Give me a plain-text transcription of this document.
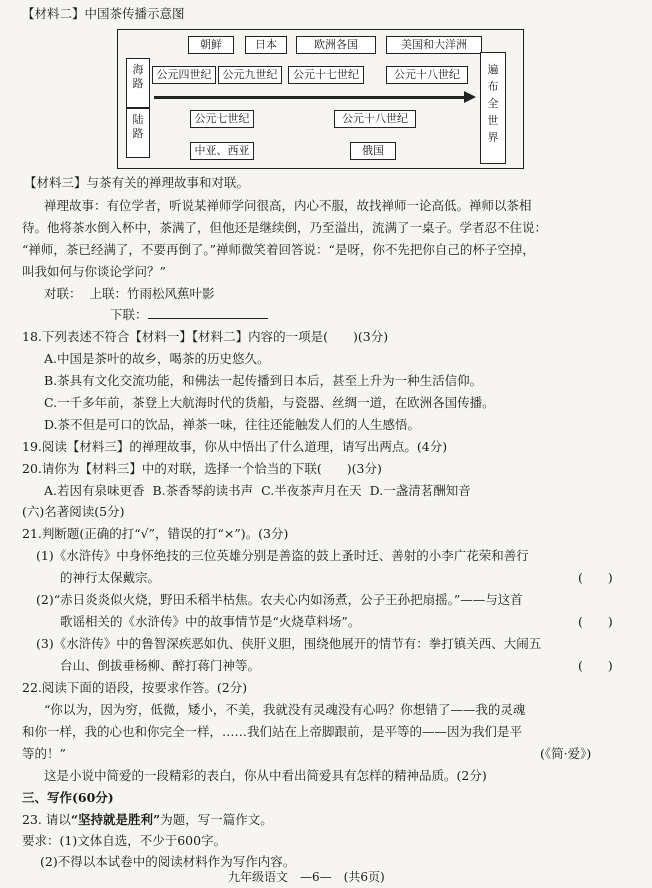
【材料二】中国茶传播示意图
朝鲜	日本	欧洲各国	美国和大洋洲
海
路
公元四世纪	公元九世纪	公元十七世纪	公元十八世纪
陆
路
公元七世纪	公元十八世纪
中亚、西亚	俄国
遍
布
全
世
界
【材料三】与茶有关的禅理故事和对联。
禅理故事：有位学者，听说某禅师学问很高，内心不服，故找禅师一论高低。禅师以茶相
待。他将茶水倒入杯中，茶满了，但他还是继续倒，乃至溢出，流满了一桌子。学者忍不住说：
“禅师，茶已经满了，不要再倒了。”禅师微笑着回答说：“是呀，你不先把你自己的杯子空掉，
叫我如何与你谈论学问？”
对联： 上联：竹雨松风蕉叶影
下联：
18.下列表述不符合【材料一】【材料二】内容的一项是(　　)(3分)
A.中国是茶叶的故乡，喝茶的历史悠久。
B.茶具有文化交流功能，和佛法一起传播到日本后，甚至上升为一种生活信仰。
C.一千多年前，茶登上大航海时代的货船，与瓷器、丝绸一道，在欧洲各国传播。
D.茶不但是可口的饮品，禅茶一味，往往还能触发人们的人生感悟。
19.阅读【材料三】的禅理故事，你从中悟出了什么道理，请写出两点。(4分)
20.请你为【材料三】中的对联，选择一个恰当的下联(　　)(3分)
A.若因有泉味更香 B.茶香琴韵读书声 C.半夜茶声月在天 D.一盏清茗酬知音
(六)名著阅读(5分)
21.判断题(正确的打“√”，错误的打“×”)。(3分)
(1)《水浒传》中身怀绝技的三位英雄分别是善盗的鼓上蚤时迁、善射的小李广花荣和善行
的神行太保戴宗。	(　　)
(2)“赤日炎炎似火烧，野田禾稻半枯焦。农夫心内如汤煮，公子王孙把扇摇。”——与这首
歌谣相关的《水浒传》中的故事情节是“火烧草料场”。	(　　)
(3)《水浒传》中的鲁智深疾恶如仇、侠肝义胆，围绕他展开的情节有：拳打镇关西、大闹五
台山、倒拔垂杨柳、醉打蒋门神等。	(　　)
22.阅读下面的语段，按要求作答。(2分)
“你以为，因为穷，低微，矮小，不美，我就没有灵魂没有心吗？你想错了——我的灵魂
和你一样，我的心也和你完全一样，……我们站在上帝脚跟前，是平等的——因为我们是平
等的！”	(《简·爱》)
这是小说中简爱的一段精彩的表白，你从中看出简爱具有怎样的精神品质。(2分)
三、写作(60分)
23. 请以“坚持就是胜利”为题，写一篇作文。
要求：(1)文体自选，不少于600字。
(2)不得以本试卷中的阅读材料作为写作内容。
九年级语文　—6—　(共6页)
